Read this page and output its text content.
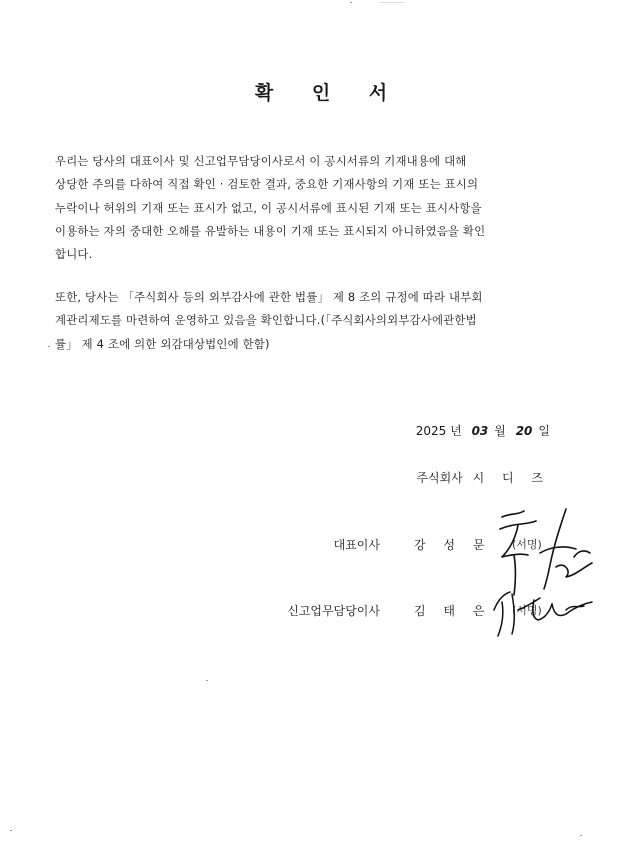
확 인 서
우리는 당사의 대표이사 및 신고업무담당이사로서 이 공시서류의 기재내용에 대해
상당한 주의를 다하여 직접 확인 · 검토한 결과, 중요한 기재사항의 기재 또는 표시의
누락이나 허위의 기재 또는 표시가 없고, 이 공시서류에 표시된 기재 또는 표시사항을
이용하는 자의 중대한 오해를 유발하는 내용이 기재 또는 표시되지 아니하였음을 확인
합니다.
또한, 당사는 「주식회사 등의 외부감사에 관한 법률」 제 8 조의 규정에 따라 내부회
계관리제도를 마련하여 운영하고 있음을 확인합니다.(「주식회사의외부감사에관한법
률」 제 4 조에 의한 외감대상법인에 한함)
2025 년 03 월 20 일
주식회사 시 디 즈
대표이사	강 성 문 (서명)
신고업무담당이사	김 태 은 (서명)
